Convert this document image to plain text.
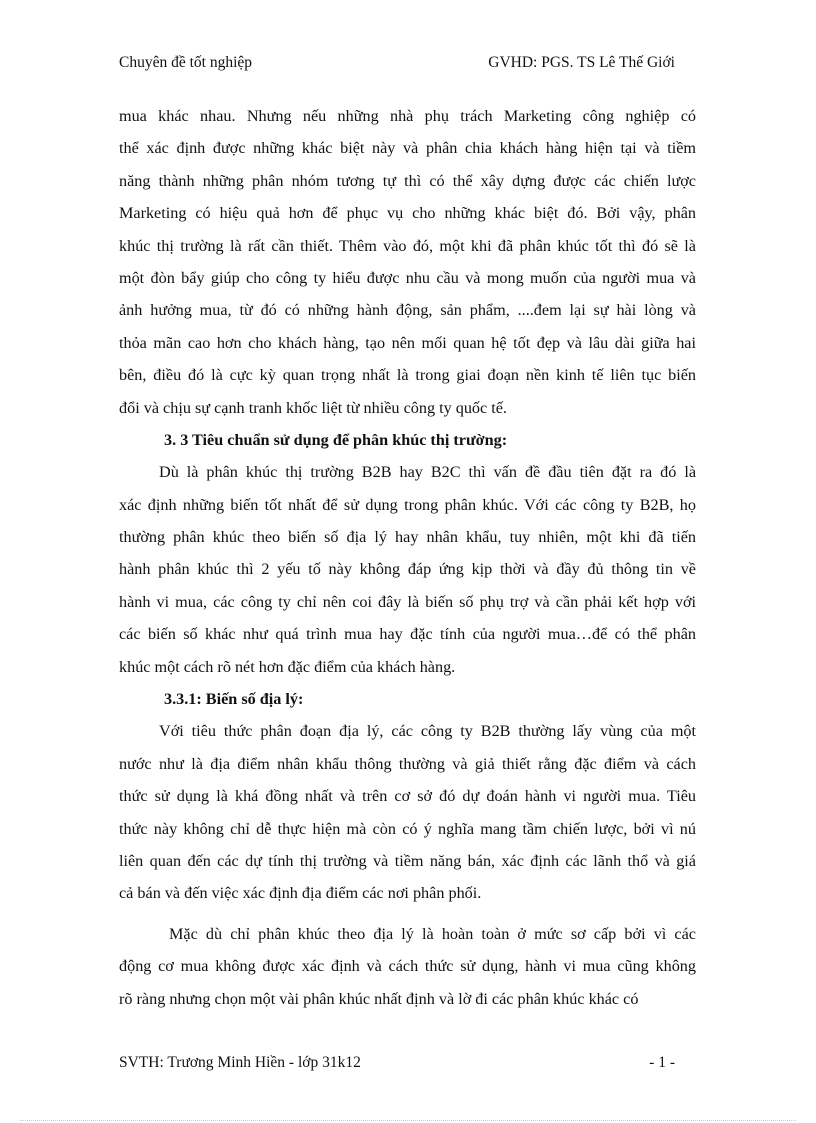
Chuyên đề tốt nghiệp	GVHD: PGS. TS Lê Thế Giới
mua khác nhau. Nhưng nếu những nhà phụ trách Marketing công nghiệp có
thể xác định được những khác biệt này và phân chia khách hàng hiện tại và tiềm
năng thành những phân nhóm tương tự thì có thể xây dựng được các chiến lược
Marketing có hiệu quả hơn để phục vụ cho những khác biệt đó. Bởi vậy, phân
khúc thị trường là rất cần thiết. Thêm vào đó, một khi đã phân khúc tốt thì đó sẽ là
một đòn bẩy giúp cho công ty hiểu được nhu cầu và mong muốn của người mua và
ảnh hưởng mua, từ đó có những hành động, sản phẩm, ....đem lại sự hài lòng và
thỏa mãn cao hơn cho khách hàng, tạo nên mối quan hệ tốt đẹp và lâu dài giữa hai
bên, điều đó là cực kỳ quan trọng nhất là trong giai đoạn nền kinh tế liên tục biến
đổi và chịu sự cạnh tranh khốc liệt từ nhiều công ty quốc tế.
3. 3 Tiêu chuẩn sử dụng để phân khúc thị trường:
Dù là phân khúc thị trường B2B hay B2C thì vấn đề đầu tiên đặt ra đó là
xác định những biến tốt nhất để sử dụng trong phân khúc. Với các công ty B2B, họ
thường phân khúc theo biến số địa lý hay nhân khẩu, tuy nhiên, một khi đã tiến
hành phân khúc thì 2 yếu tố này không đáp ứng kịp thời và đầy đủ thông tin về
hành vi mua, các công ty chỉ nên coi đây là biến số phụ trợ và cần phải kết hợp với
các biến số khác như quá trình mua hay đặc tính của người mua…để có thể phân
khúc một cách rõ nét hơn đặc điểm của khách hàng.
3.3.1: Biến số địa lý:
Với tiêu thức phân đoạn địa lý, các công ty B2B thường lấy vùng của một
nước như là địa điểm nhân khẩu thông thường và giả thiết rằng đặc điểm và cách
thức sử dụng là khá đồng nhất và trên cơ sở đó dự đoán hành vi người mua. Tiêu
thức này không chỉ dễ thực hiện mà còn có ý nghĩa mang tầm chiến lược, bởi vì nú
liên quan đến các dự tính thị trường và tiềm năng bán, xác định các lãnh thổ và giá
cả bán và đến việc xác định địa điểm các nơi phân phối.
Mặc dù chỉ phân khúc theo địa lý là hoàn toàn ở mức sơ cấp bởi vì các
động cơ mua không được xác định và cách thức sử dụng, hành vi mua cũng không
rõ ràng nhưng chọn một vài phân khúc nhất định và lờ đi các phân khúc khác có
SVTH: Trương Minh Hiền - lớp 31k12	- 1 -
